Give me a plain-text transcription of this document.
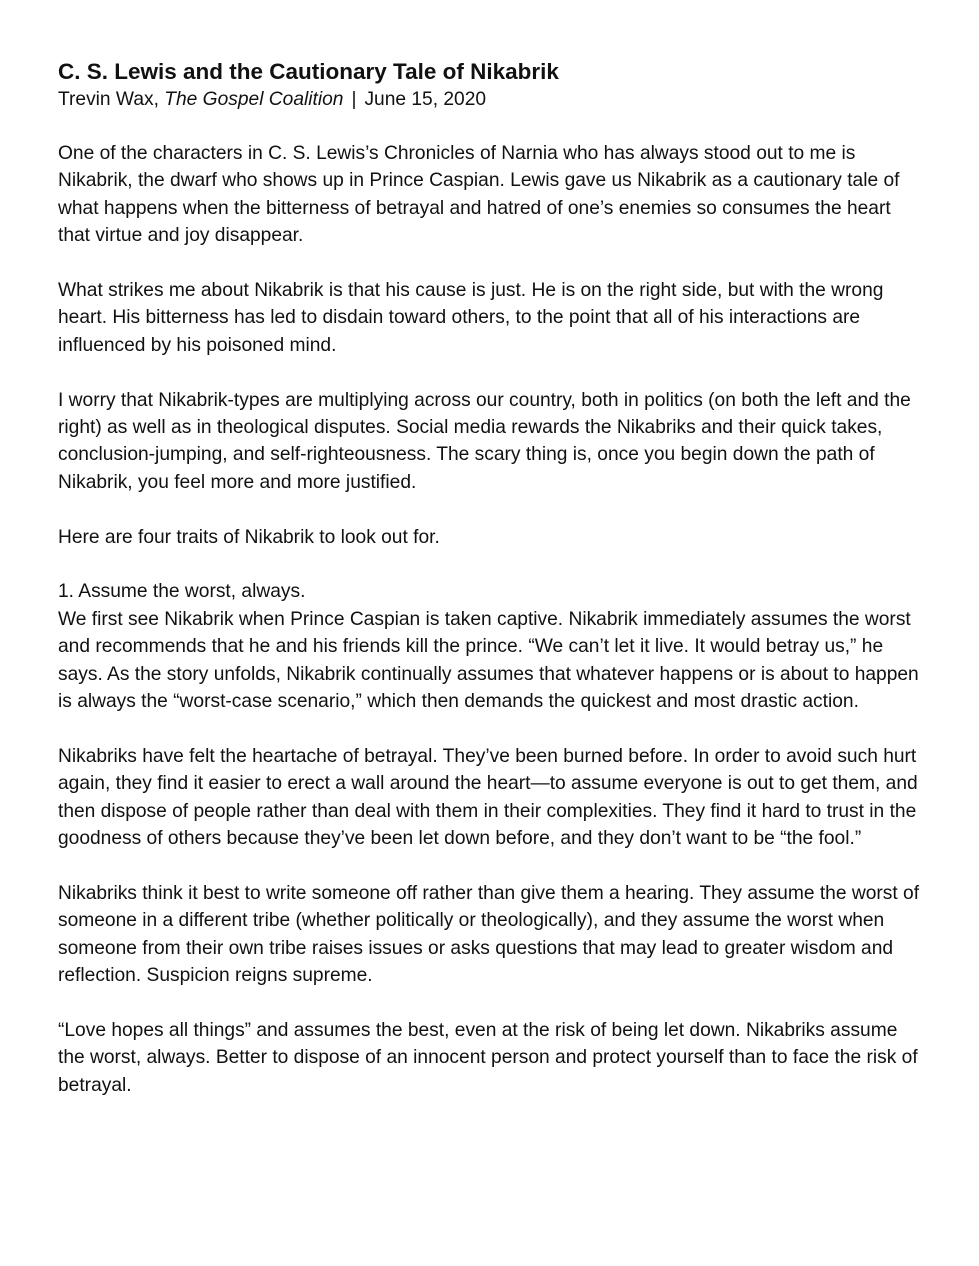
C. S. Lewis and the Cautionary Tale of Nikabrik
Trevin Wax, The Gospel Coalition | June 15, 2020

One of the characters in C. S. Lewis’s Chronicles of Narnia who has always stood out to me is Nikabrik, the dwarf who shows up in Prince Caspian. Lewis gave us Nikabrik as a cautionary tale of what happens when the bitterness of betrayal and hatred of one’s enemies so consumes the heart that virtue and joy disappear.

What strikes me about Nikabrik is that his cause is just. He is on the right side, but with the wrong heart. His bitterness has led to disdain toward others, to the point that all of his interactions are influenced by his poisoned mind.

I worry that Nikabrik-types are multiplying across our country, both in politics (on both the left and the right) as well as in theological disputes. Social media rewards the Nikabriks and their quick takes, conclusion-jumping, and self-righteousness. The scary thing is, once you begin down the path of Nikabrik, you feel more and more justified.

Here are four traits of Nikabrik to look out for.

1. Assume the worst, always.
We first see Nikabrik when Prince Caspian is taken captive. Nikabrik immediately assumes the worst and recommends that he and his friends kill the prince. “We can’t let it live. It would betray us,” he says. As the story unfolds, Nikabrik continually assumes that whatever happens or is about to happen is always the “worst-case scenario,” which then demands the quickest and most drastic action.

Nikabriks have felt the heartache of betrayal. They’ve been burned before. In order to avoid such hurt again, they find it easier to erect a wall around the heart—to assume everyone is out to get them, and then dispose of people rather than deal with them in their complexities. They find it hard to trust in the goodness of others because they’ve been let down before, and they don’t want to be “the fool.”

Nikabriks think it best to write someone off rather than give them a hearing. They assume the worst of someone in a different tribe (whether politically or theologically), and they assume the worst when someone from their own tribe raises issues or asks questions that may lead to greater wisdom and reflection. Suspicion reigns supreme.

“Love hopes all things” and assumes the best, even at the risk of being let down. Nikabriks assume the worst, always. Better to dispose of an innocent person and protect yourself than to face the risk of betrayal.
